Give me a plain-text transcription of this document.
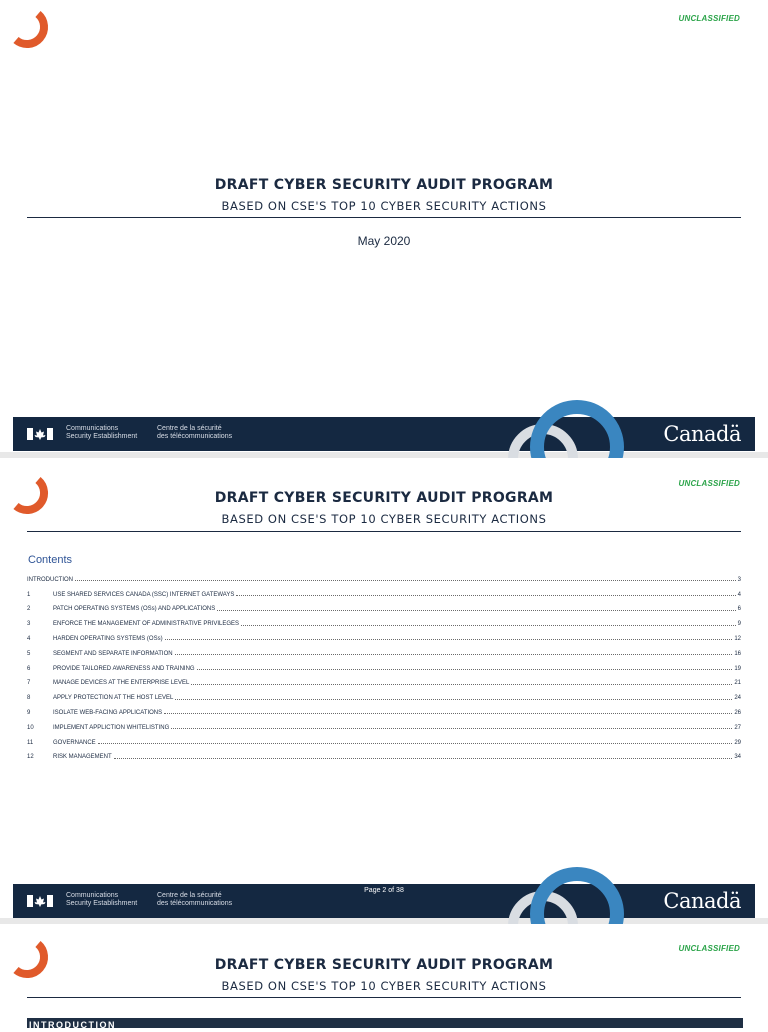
UNCLASSIFIED
DRAFT CYBER SECURITY AUDIT PROGRAM
BASED ON CSE'S TOP 10 CYBER SECURITY ACTIONS
May 2020
Communications
Security Establishment
Centre de la sécurité
des télécommunications	Canadä
UNCLASSIFIED
DRAFT CYBER SECURITY AUDIT PROGRAM
BASED ON CSE'S TOP 10 CYBER SECURITY ACTIONS
Contents
INTRODUCTION	3
1	USE SHARED SERVICES CANADA (SSC) INTERNET GATEWAYS	4
2	PATCH OPERATING SYSTEMS (OSs) AND APPLICATIONS	6
3	ENFORCE THE MANAGEMENT OF ADMINISTRATIVE PRIVILEGES	9
4	HARDEN OPERATING SYSTEMS (OSs)	12
5	SEGMENT AND SEPARATE INFORMATION	16
6	PROVIDE TAILORED AWARENESS AND TRAINING	19
7	MANAGE DEVICES AT THE ENTERPRISE LEVEL	21
8	APPLY PROTECTION AT THE HOST LEVEL	24
9	ISOLATE WEB-FACING APPLICATIONS	26
10	IMPLEMENT APPLICTION WHITELISTING	27
11	GOVERNANCE	29
12	RISK MANAGEMENT	34
Communications
Security Establishment
Centre de la sécurité
des télécommunications
Page 2 of 38	Canadä
UNCLASSIFIED
DRAFT CYBER SECURITY AUDIT PROGRAM
BASED ON CSE'S TOP 10 CYBER SECURITY ACTIONS
INTRODUCTION
